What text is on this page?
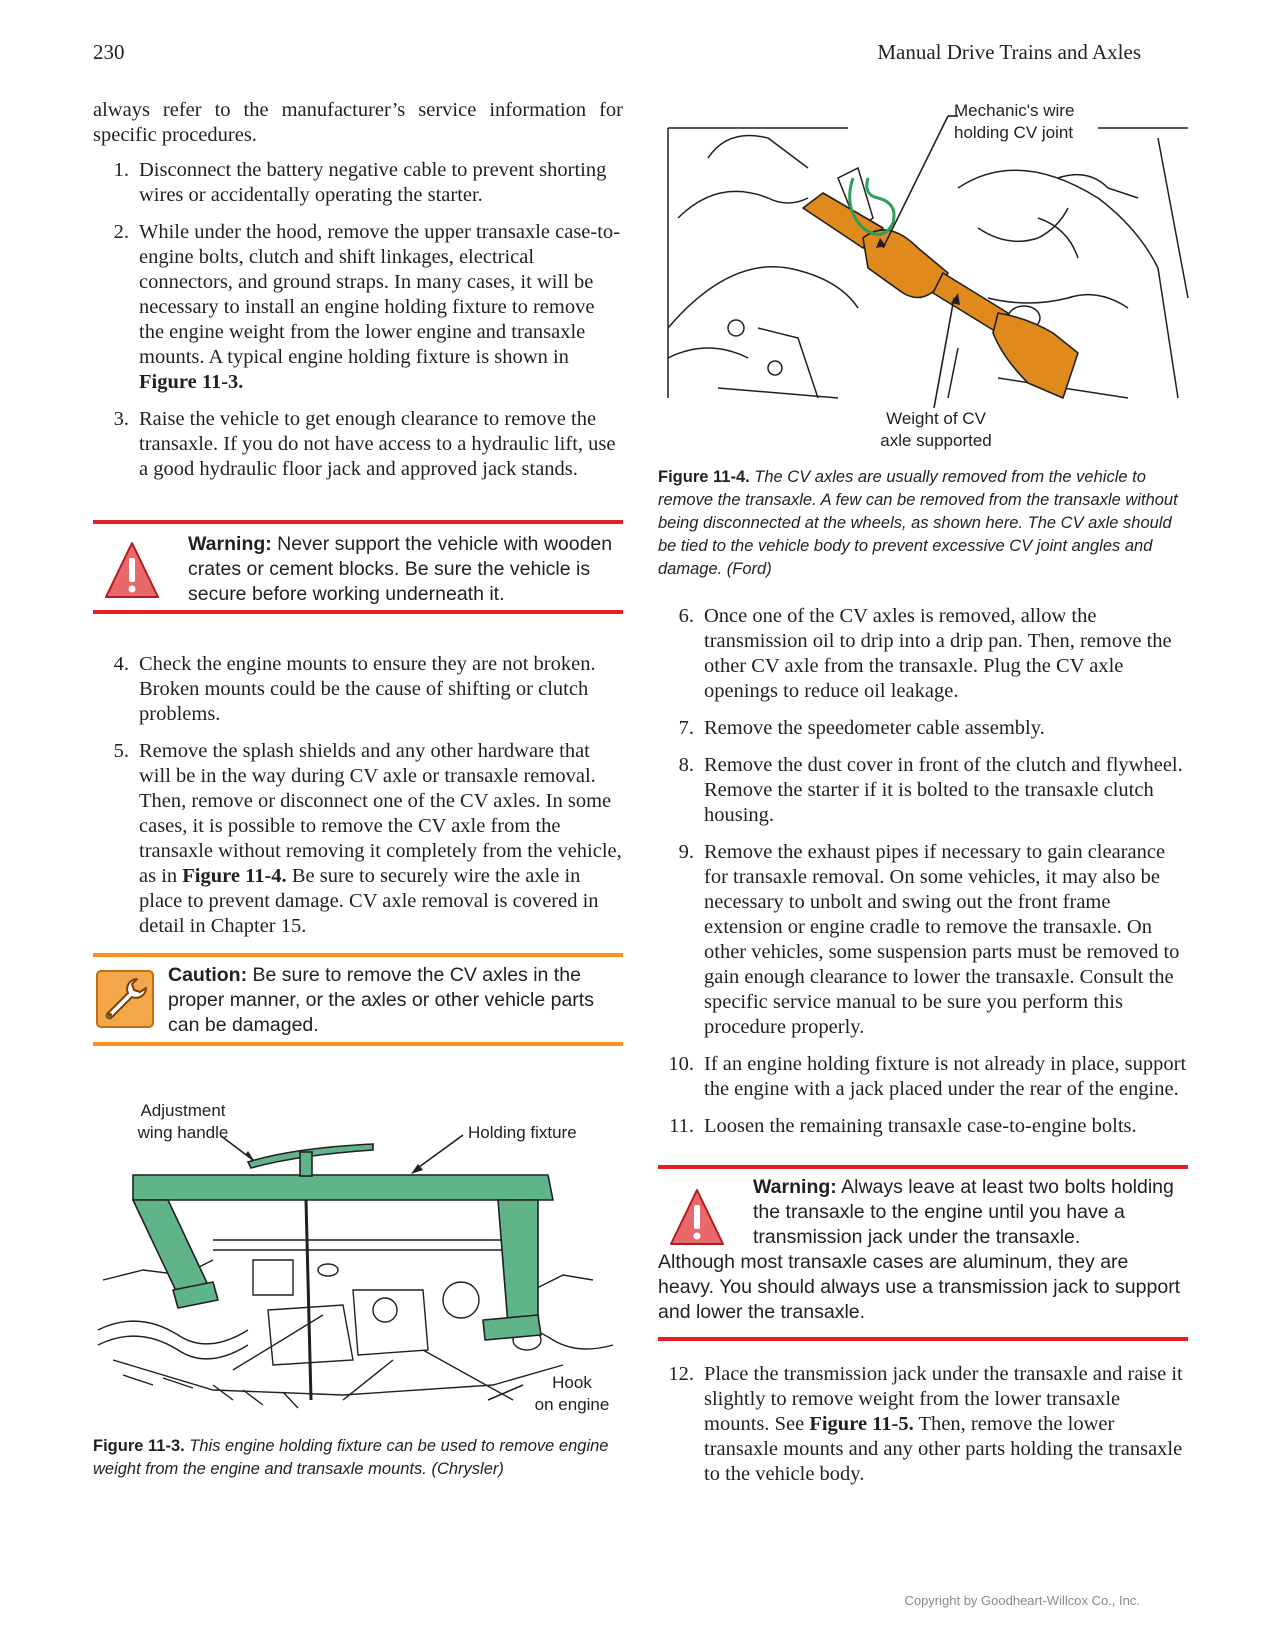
230	Manual Drive Trains and Axles

always refer to the manufacturer’s service information for specific procedures.

1. Disconnect the battery negative cable to prevent shorting wires or accidentally operating the starter.
2. While under the hood, remove the upper transaxle case-to-engine bolts, clutch and shift linkages, electrical connectors, and ground straps. In many cases, it will be necessary to install an engine holding fixture to remove the engine weight from the lower engine and transaxle mounts. A typical engine holding fixture is shown in Figure 11-3.
3. Raise the vehicle to get enough clearance to remove the transaxle. If you do not have access to a hydraulic lift, use a good hydraulic floor jack and approved jack stands.
Warning: Never support the vehicle with wooden crates or cement blocks. Be sure the vehicle is secure before working underneath it.
4. Check the engine mounts to ensure they are not broken. Broken mounts could be the cause of shifting or clutch problems.
5. Remove the splash shields and any other hardware that will be in the way during CV axle or transaxle removal. Then, remove or disconnect one of the CV axles. In some cases, it is possible to remove the CV axle from the transaxle without removing it completely from the vehicle, as in Figure 11-4. Be sure to securely wire the axle in place to prevent damage. CV axle removal is covered in detail in Chapter 15.
Caution: Be sure to remove the CV axles in the proper manner, or the axles or other vehicle parts can be damaged.
Adjustment
wing handle	Holding fixture
Hook
on engine
Figure 11-3. This engine holding fixture can be used to remove engine weight from the engine and transaxle mounts. (Chrysler)
Mechanic's wire
holding CV joint
Weight of CV
axle supported
Figure 11-4. The CV axles are usually removed from the vehicle to remove the transaxle. A few can be removed from the transaxle without being disconnected at the wheels, as shown here. The CV axle should be tied to the vehicle body to prevent excessive CV joint angles and damage. (Ford)
6. Once one of the CV axles is removed, allow the transmission oil to drip into a drip pan. Then, remove the other CV axle from the transaxle. Plug the CV axle openings to reduce oil leakage.
7. Remove the speedometer cable assembly.
8. Remove the dust cover in front of the clutch and flywheel. Remove the starter if it is bolted to the transaxle clutch housing.
9. Remove the exhaust pipes if necessary to gain clearance for transaxle removal. On some vehicles, it may also be necessary to unbolt and swing out the front frame extension or engine cradle to remove the transaxle. On other vehicles, some suspension parts must be removed to gain enough clearance to lower the transaxle. Consult the specific service manual to be sure you perform this procedure properly.
10. If an engine holding fixture is not already in place, support the engine with a jack placed under the rear of the engine.
11. Loosen the remaining transaxle case-to-engine bolts.
Warning: Always leave at least two bolts holding the transaxle to the engine until you have a transmission jack under the transaxle.
Although most transaxle cases are aluminum, they are heavy. You should always use a transmission jack to support and lower the transaxle.
12. Place the transmission jack under the transaxle and raise it slightly to remove weight from the lower transaxle mounts. See Figure 11-5. Then, remove the lower transaxle mounts and any other parts holding the transaxle to the vehicle body.
Copyright by Goodheart-Willcox Co., Inc.
